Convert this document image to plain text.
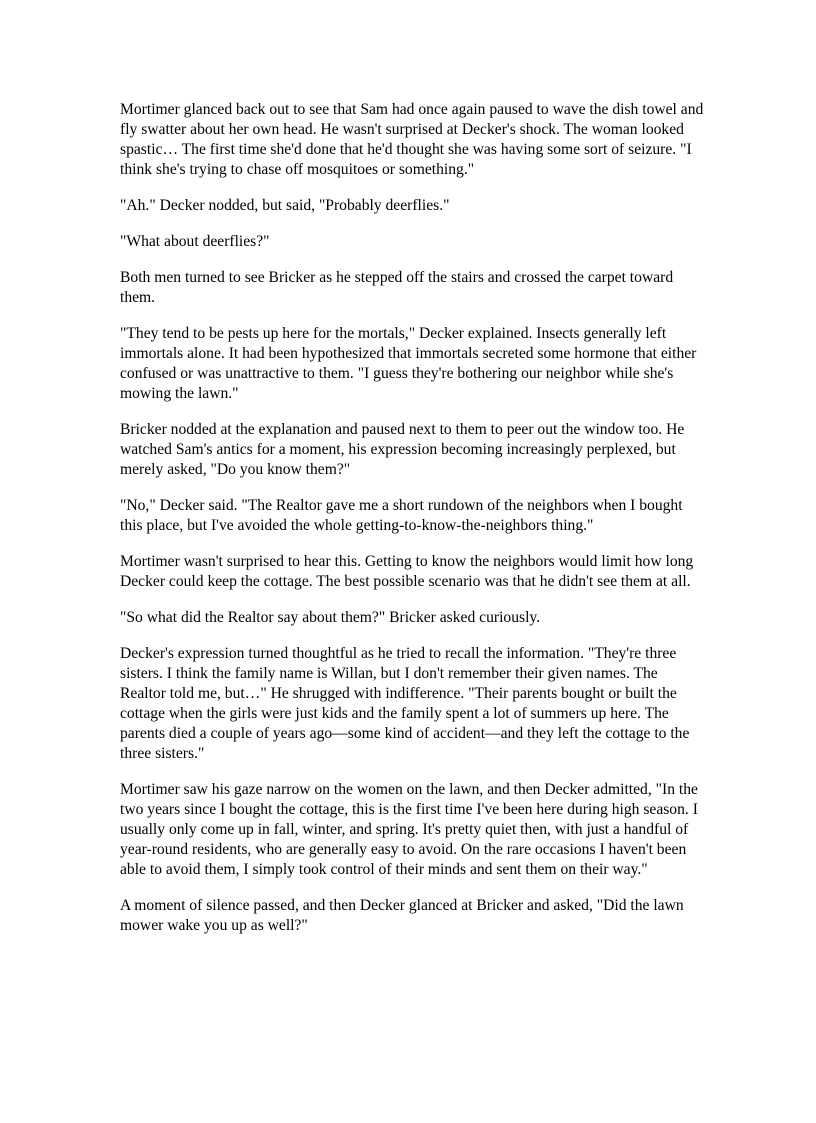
Mortimer glanced back out to see that Sam had once again paused to wave the dish towel and fly swatter about her own head. He wasn't surprised at Decker's shock. The woman looked spastic… The first time she'd done that he'd thought she was having some sort of seizure. "I think she's trying to chase off mosquitoes or something."

"Ah." Decker nodded, but said, "Probably deerflies."

"What about deerflies?"

Both men turned to see Bricker as he stepped off the stairs and crossed the carpet toward them.

"They tend to be pests up here for the mortals," Decker explained. Insects generally left immortals alone. It had been hypothesized that immortals secreted some hormone that either confused or was unattractive to them. "I guess they're bothering our neighbor while she's mowing the lawn."

Bricker nodded at the explanation and paused next to them to peer out the window too. He watched Sam's antics for a moment, his expression becoming increasingly perplexed, but merely asked, "Do you know them?"

"No," Decker said. "The Realtor gave me a short rundown of the neighbors when I bought this place, but I've avoided the whole getting-to-know-the-neighbors thing."

Mortimer wasn't surprised to hear this. Getting to know the neighbors would limit how long Decker could keep the cottage. The best possible scenario was that he didn't see them at all.

"So what did the Realtor say about them?" Bricker asked curiously.

Decker's expression turned thoughtful as he tried to recall the information. "They're three sisters. I think the family name is Willan, but I don't remember their given names. The Realtor told me, but…" He shrugged with indifference. "Their parents bought or built the cottage when the girls were just kids and the family spent a lot of summers up here. The parents died a couple of years ago—some kind of accident—and they left the cottage to the three sisters."

Mortimer saw his gaze narrow on the women on the lawn, and then Decker admitted, "In the two years since I bought the cottage, this is the first time I've been here during high season. I usually only come up in fall, winter, and spring. It's pretty quiet then, with just a handful of year-round residents, who are generally easy to avoid. On the rare occasions I haven't been able to avoid them, I simply took control of their minds and sent them on their way."

A moment of silence passed, and then Decker glanced at Bricker and asked, "Did the lawn mower wake you up as well?"
